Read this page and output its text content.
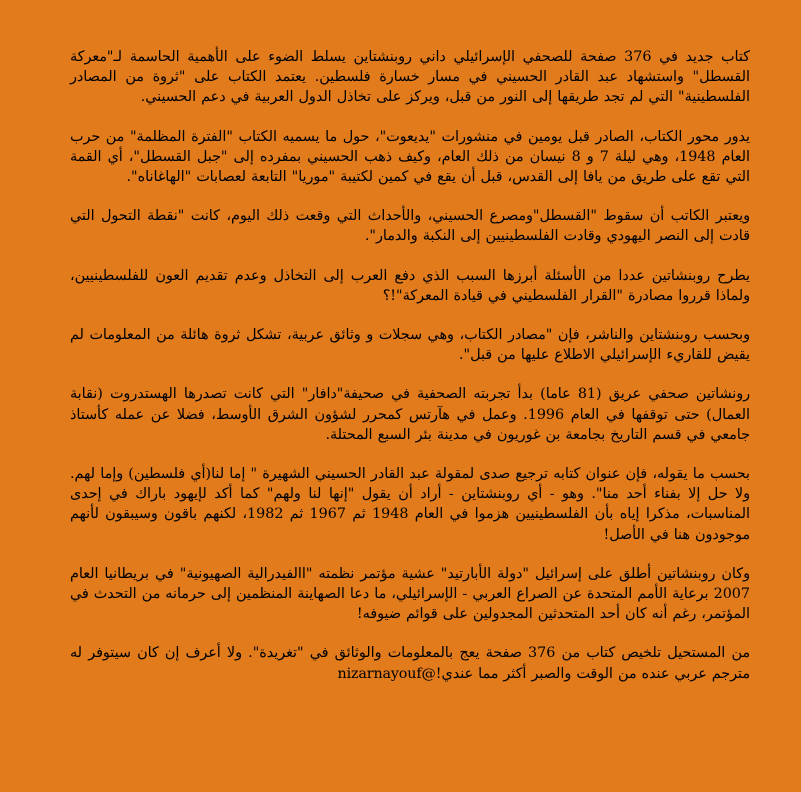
كتاب جديد في 376 صفحة للصحفي الإسرائيلي داني روبنشتاين يسلط الضوء على الأهمية الحاسمة لـ"معركة القسطل" واستشهاد عبد القادر الحسيني في مسار خسارة فلسطين. يعتمد الكتاب على "ثروة من المصادر الفلسطينية" التي لم تجد طريقها إلى النور من قبل، ويركز على تخاذل الدول العربية في دعم الحسيني.

يدور محور الكتاب، الصادر قبل يومين في منشورات "يديعوت"، حول ما يسميه الكتاب "الفترة المظلمة" من حرب العام 1948، وهي ليلة 7 و 8 نيسان من ذلك العام، وكيف ذهب الحسيني بمفرده إلى "جبل القسطل"، أي القمة التي تقع على طريق من يافا إلى القدس، قبل أن يقع في كمين لكتيبة "موريا" التابعة لعصابات "الهاغاناه".

ويعتبر الكاتب أن سقوط "القسطل"ومصرع الحسيني، والأحداث التي وقعت ذلك اليوم، كانت "نقطة التحول التي قادت إلى النصر اليهودي وقادت الفلسطينيين إلى النكبة والدمار".

يطرح روبنشاتين عددا من الأسئلة أبرزها السبب الذي دفع العرب إلى التخاذل وعدم تقديم العون للفلسطينيين، ولماذا قرروا مصادرة "القرار الفلسطيني في قيادة المعركة"!؟

وبحسب روبنشتاين والناشر، فإن "مصادر الكتاب، وهي سجلات و وثائق عربية، تشكل ثروة هائلة من المعلومات لم يقيض للقاريء الإسرائيلي الاطلاع عليها من قبل".

رونشاتين صحفي عريق (81 عاما) بدأ تجربته الصحفية في صحيفة"دافار" التي كانت تصدرها الهستدروت (نقابة العمال) حتى توقفها في العام 1996. وعمل في هآرتس كمحرر لشؤون الشرق الأوسط، فضلا عن عمله كأستاذ جامعي في قسم التاريخ بجامعة بن غوريون في مدينة بئر السبع المحتلة.

بحسب ما يقوله، فإن عنوان كتابه ترجيع صدى لمقولة عبد القادر الحسيني الشهيرة " إما لنا(أي فلسطين) وإما لهم. ولا حل إلا بفناء أحد منا". وهو - أي روبنشتاين - أراد أن يقول "إنها لنا ولهم" كما أكد لإيهود باراك في إحدى المناسبات، مذكرا إياه بأن الفلسطينيين هزموا في العام 1948 ثم 1967 ثم 1982، لكنهم باقون وسيبقون لأنهم موجودون هنا في الأصل!

وكان روبنشاتين أطلق على إسرائيل "دولة الأبارتيد" عشية مؤتمر نظمته "االفيدرالية الصهيونية" في بريطانيا العام 2007 برعاية الأمم المتحدة عن الصراع العربي - الإسرائيلي، ما دعا الصهاينة المنظمين إلى حرمانه من التحدث في المؤتمر، رغم أنه كان أحد المتحدثين المجدولين على قوائم ضيوفه!

من المستحيل تلخيص كتاب من 376 صفحة يعج بالمعلومات والوثائق في "تغريدة". ولا أعرف إن كان سيتوفر له مترجم عربي عنده من الوقت والصبر أكثر مما عندي!@nizarnayouf
